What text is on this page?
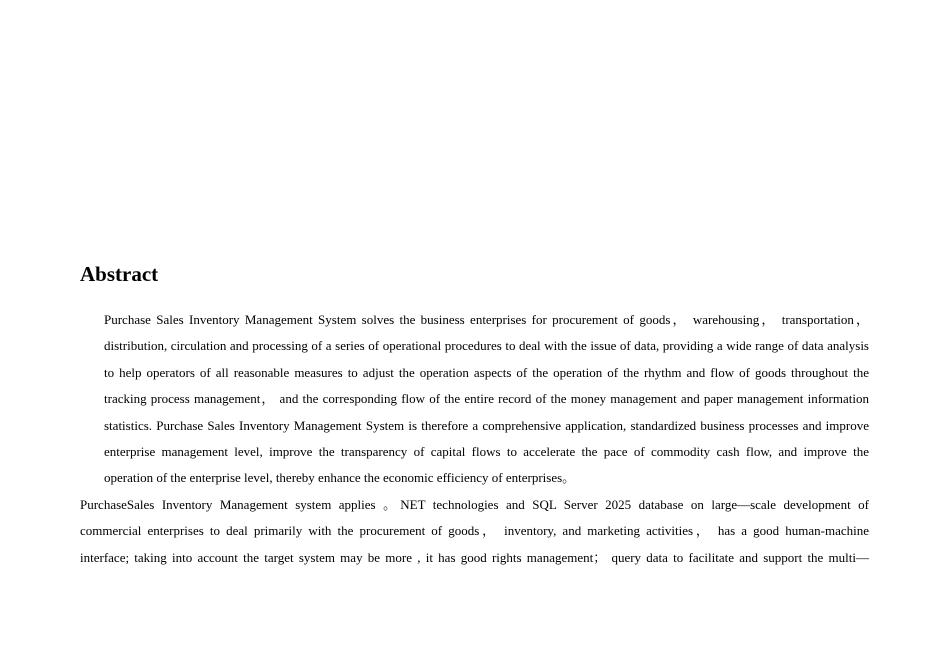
Abstract
Purchase Sales Inventory Management System solves the business enterprises for procurement of goods， warehousing， transportation，
distribution, circulation and processing of a series of operational procedures to deal with the issue of data, providing a wide range of data analysis
to help operators of all reasonable measures to adjust the operation aspects of the operation of the rhythm and flow of goods throughout the
tracking process management， and the corresponding flow of the entire record of the money management and paper management information
statistics. Purchase Sales Inventory Management System is therefore a comprehensive application, standardized business processes and improve
enterprise management level, improve the transparency of capital flows to accelerate the pace of commodity cash flow, and improve the
operation of the enterprise level, thereby enhance the economic efficiency of enterprises。
PurchaseSales Inventory Management system applies 。NET technologies and SQL Server 2025 database on large—scale development of
commercial enterprises to deal primarily with the procurement of goods， inventory, and marketing activities， has a good human-machine
interface; taking into account the target system may be more , it has good rights management； query data to facilitate and support the multi—
